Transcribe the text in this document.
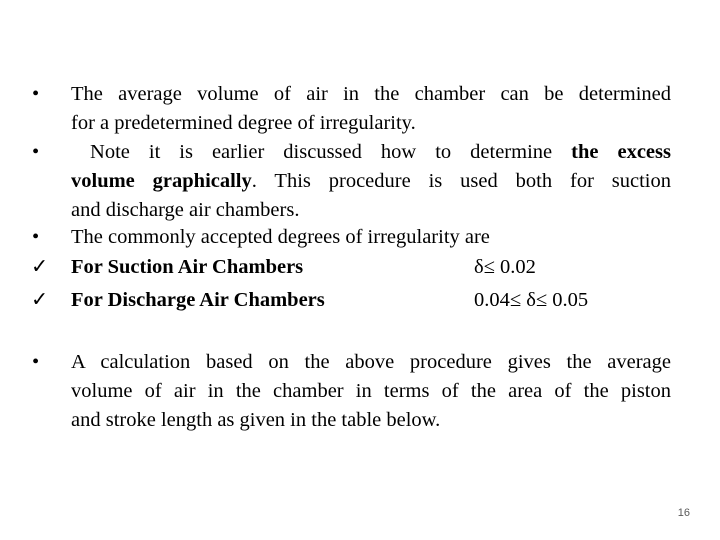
•	The average volume of air in the chamber can be determined
for a predetermined degree of irregularity.
•	Note it is earlier discussed how to determine the excess
volume graphically. This procedure is used both for suction
and discharge air chambers.
•	The commonly accepted degrees of irregularity are
✓	For Suction Air Chambers	δ≤ 0.02
✓	For Discharge Air Chambers	0.04≤ δ≤ 0.05
•	A calculation based on the above procedure gives the average
volume of air in the chamber in terms of the area of the piston
and stroke length as given in the table below.
16
